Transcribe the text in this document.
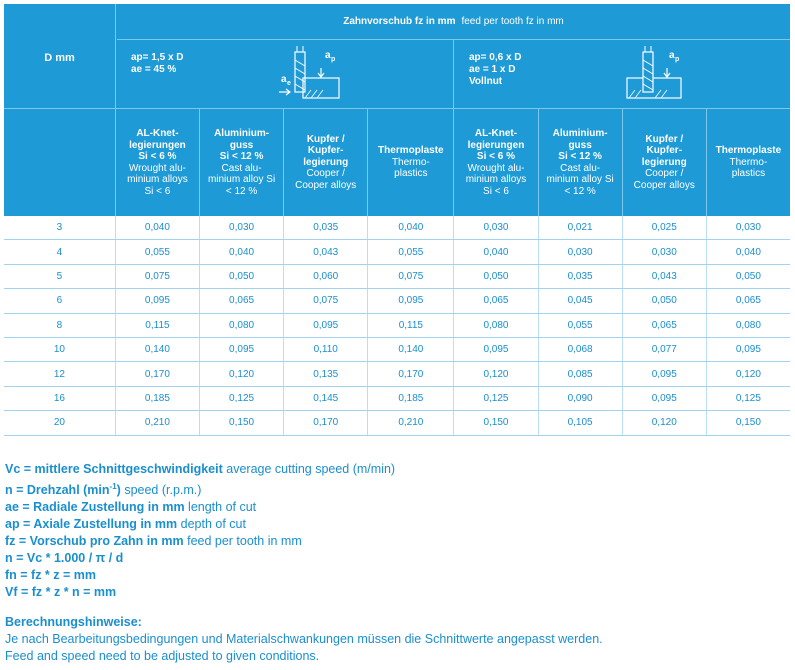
D mm
Zahnvorschub fz in mm feed per tooth fz in mm
ap= 1,5 x D
ae = 45 %
a p
a e
ap= 0,6 x D
ae = 1 x D
Vollnut
a p
AL-Knet-
legierungen
Si < 6 %
Wrought alu-
minium alloys
Si < 6
Aluminium-
guss
Si < 12 %
Cast alu-
minium alloy Si
< 12 %
Kupfer /
Kupfer-
legierung
Cooper /
Cooper alloys
Thermoplaste
Thermo-
plastics
AL-Knet-
legierungen
Si < 6 %
Wrought alu-
minium alloys
Si < 6
Aluminium-
guss
Si < 12 %
Cast alu-
minium alloy Si
< 12 %
Kupfer /
Kupfer-
legierung
Cooper /
Cooper alloys
Thermoplaste
Thermo-
plastics
3	0,040	0,030	0,035	0,040	0,030	0,021	0,025	0,030
4	0,055	0,040	0,043	0,055	0,040	0,030	0,030	0,040
5	0,075	0,050	0,060	0,075	0,050	0,035	0,043	0,050
6	0,095	0,065	0,075	0,095	0,065	0,045	0,050	0,065
8	0,115	0,080	0,095	0,115	0,080	0,055	0,065	0,080
10	0,140	0,095	0,110	0,140	0,095	0,068	0,077	0,095
12	0,170	0,120	0,135	0,170	0,120	0,085	0,095	0,120
16	0,185	0,125	0,145	0,185	0,125	0,090	0,095	0,125
20	0,210	0,150	0,170	0,210	0,150	0,105	0,120	0,150
Vc = mittlere Schnittgeschwindigkeit average cutting speed (m/min)
n = Drehzahl $(\min^{-1})$ speed (r.p.m.)
ae = Radiale Zustellung in mm length of cut
ap = Axiale Zustellung in mm depth of cut
fz = Vorschub pro Zahn in mm feed per tooth in mm
n = Vc * 1.000 / π / d
fn = fz * z = mm
Vf = fz * z * n = mm
Berechnungshinweise:
Je nach Bearbeitungsbedingungen und Materialschwankungen müssen die Schnittwerte angepasst werden.
Feed and speed need to be adjusted to given conditions.
